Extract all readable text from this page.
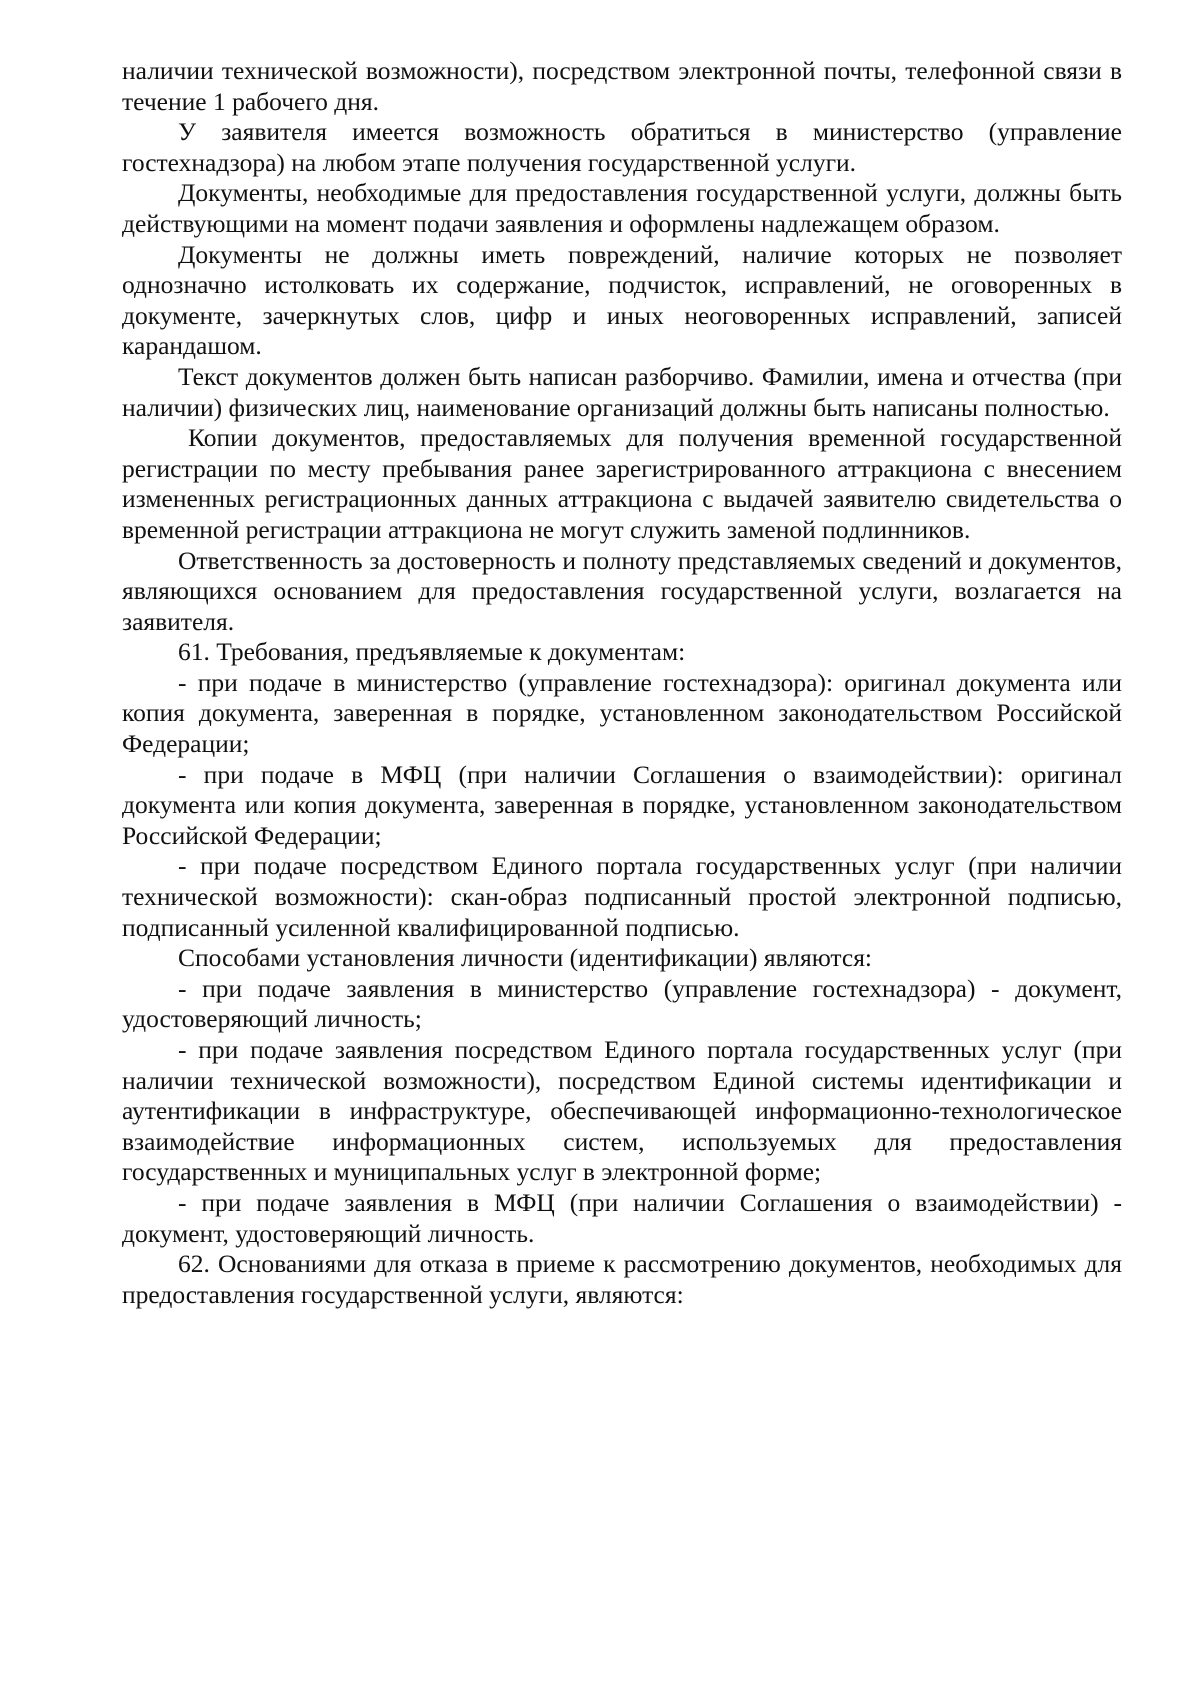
наличии технической возможности), посредством электронной почты, телефонной связи в течение 1 рабочего дня.

У заявителя имеется возможность обратиться в министерство (управление гостехнадзора) на любом этапе получения государственной услуги.

Документы, необходимые для предоставления государственной услуги, должны быть действующими на момент подачи заявления и оформлены надлежащем образом.

Документы не должны иметь повреждений, наличие которых не позволяет однозначно истолковать их содержание, подчисток, исправлений, не оговоренных в документе, зачеркнутых слов, цифр и иных неоговоренных исправлений, записей карандашом.

Текст документов должен быть написан разборчиво. Фамилии, имена и отчества (при наличии) физических лиц, наименование организаций должны быть написаны полностью.

Копии документов, предоставляемых для получения временной государственной регистрации по месту пребывания ранее зарегистрированного аттракциона с внесением измененных регистрационных данных аттракциона с выдачей заявителю свидетельства о временной регистрации аттракциона не могут служить заменой подлинников.

Ответственность за достоверность и полноту представляемых сведений и документов, являющихся основанием для предоставления государственной услуги, возлагается на заявителя.

61. Требования, предъявляемые к документам:

- при подаче в министерство (управление гостехнадзора): оригинал документа или копия документа, заверенная в порядке, установленном законодательством Российской Федерации;

- при подаче в МФЦ (при наличии Соглашения о взаимодействии): оригинал документа или копия документа, заверенная в порядке, установленном законодательством Российской Федерации;

- при подаче посредством Единого портала государственных услуг (при наличии технической возможности): скан-образ подписанный простой электронной подписью, подписанный усиленной квалифицированной подписью.

Способами установления личности (идентификации) являются:

- при подаче заявления в министерство (управление гостехнадзора) - документ, удостоверяющий личность;

- при подаче заявления посредством Единого портала государственных услуг (при наличии технической возможности), посредством Единой системы идентификации и аутентификации в инфраструктуре, обеспечивающей информационно-технологическое взаимодействие информационных систем, используемых для предоставления государственных и муниципальных услуг в электронной форме;

- при подаче заявления в МФЦ (при наличии Соглашения о взаимодействии) - документ, удостоверяющий личность.

62. Основаниями для отказа в приеме к рассмотрению документов, необходимых для предоставления государственной услуги, являются:
